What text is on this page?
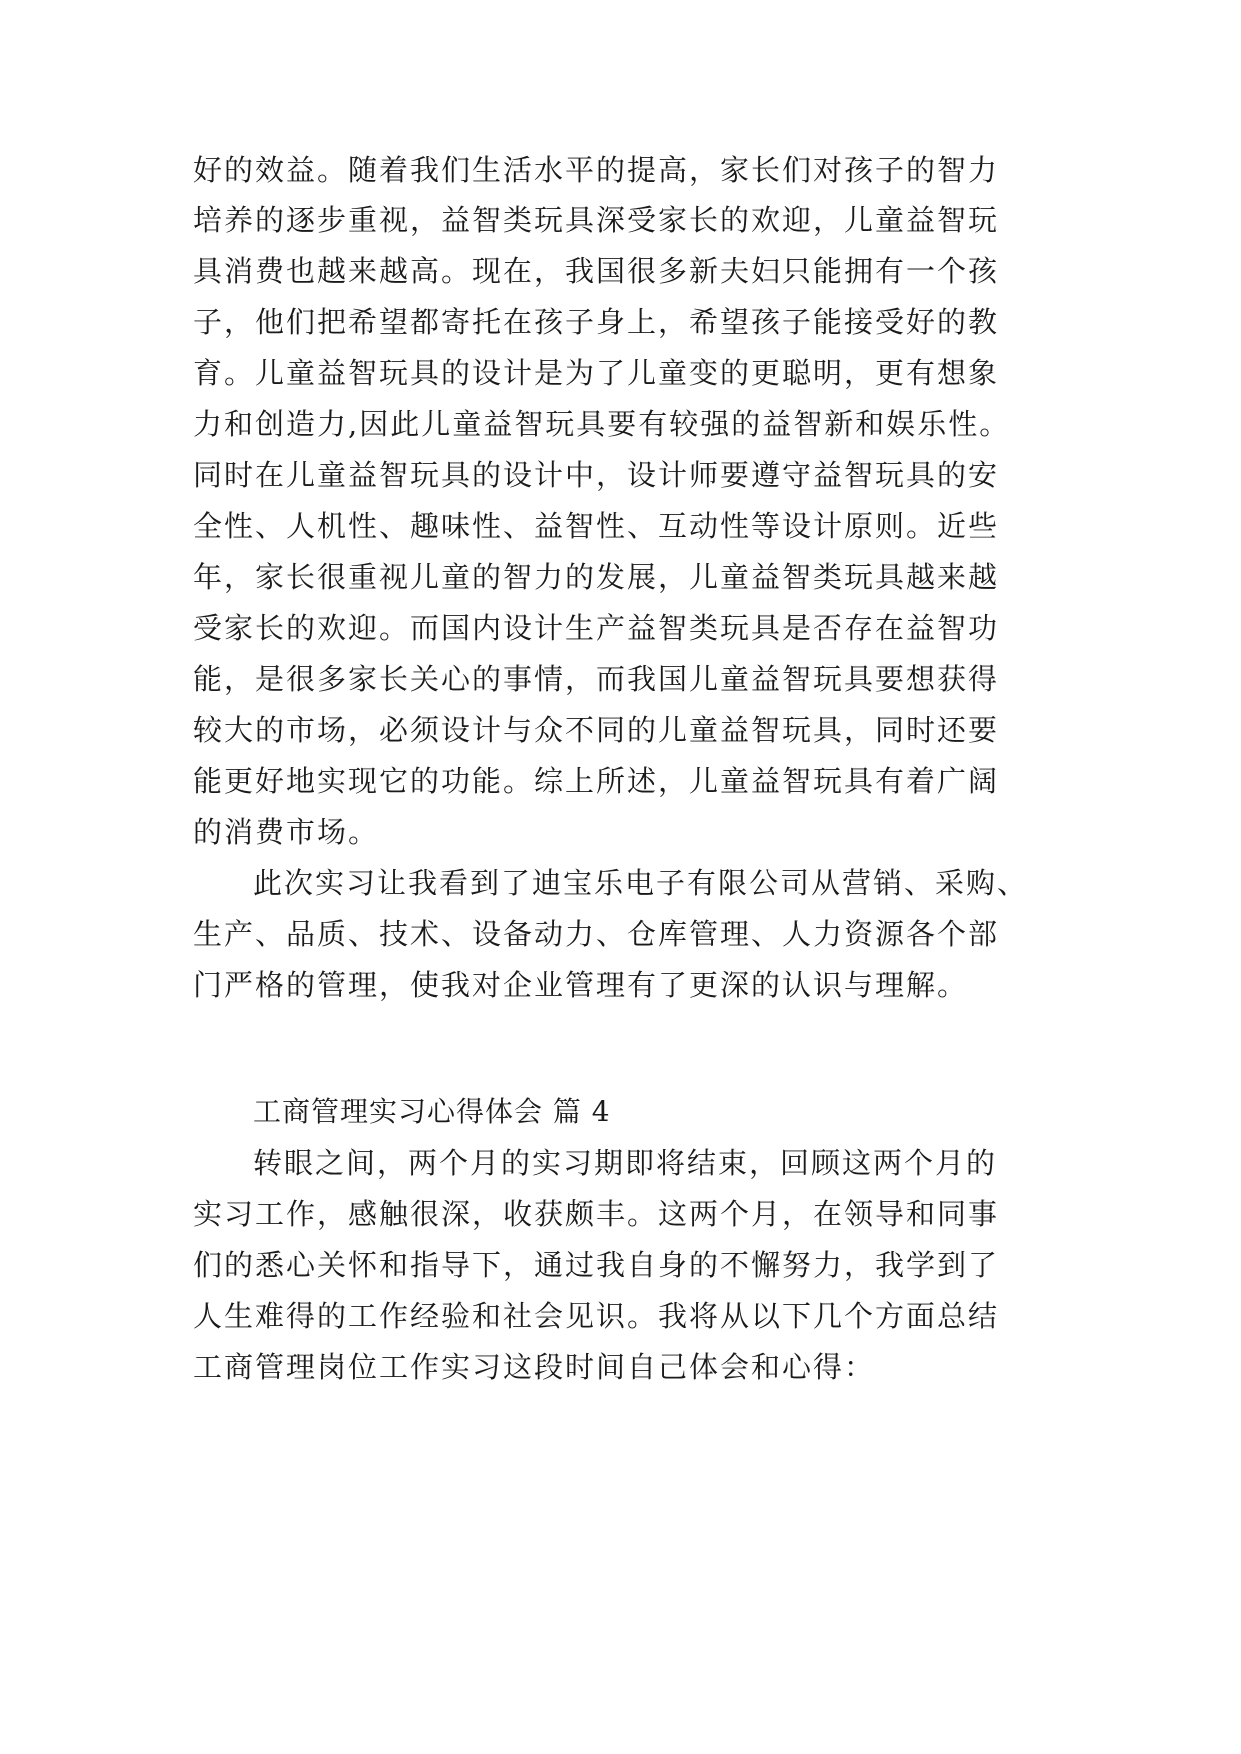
好的效益。随着我们生活水平的提高，家长们对孩子的智力
培养的逐步重视，益智类玩具深受家长的欢迎，儿童益智玩
具消费也越来越高。现在，我国很多新夫妇只能拥有一个孩
子，他们把希望都寄托在孩子身上，希望孩子能接受好的教
育。儿童益智玩具的设计是为了儿童变的更聪明，更有想象
力和创造力,因此儿童益智玩具要有较强的益智新和娱乐性。
同时在儿童益智玩具的设计中，设计师要遵守益智玩具的安
全性、人机性、趣味性、益智性、互动性等设计原则。近些
年，家长很重视儿童的智力的发展，儿童益智类玩具越来越
受家长的欢迎。而国内设计生产益智类玩具是否存在益智功
能，是很多家长关心的事情，而我国儿童益智玩具要想获得
较大的市场，必须设计与众不同的儿童益智玩具，同时还要
能更好地实现它的功能。综上所述，儿童益智玩具有着广阔
的消费市场。
此次实习让我看到了迪宝乐电子有限公司从营销、采购、
生产、品质、技术、设备动力、仓库管理、人力资源各个部
门严格的管理，使我对企业管理有了更深的认识与理解。
工商管理实习心得体会 篇 4
转眼之间，两个月的实习期即将结束，回顾这两个月的
实习工作，感触很深，收获颇丰。这两个月，在领导和同事
们的悉心关怀和指导下，通过我自身的不懈努力，我学到了
人生难得的工作经验和社会见识。我将从以下几个方面总结
工商管理岗位工作实习这段时间自己体会和心得：
